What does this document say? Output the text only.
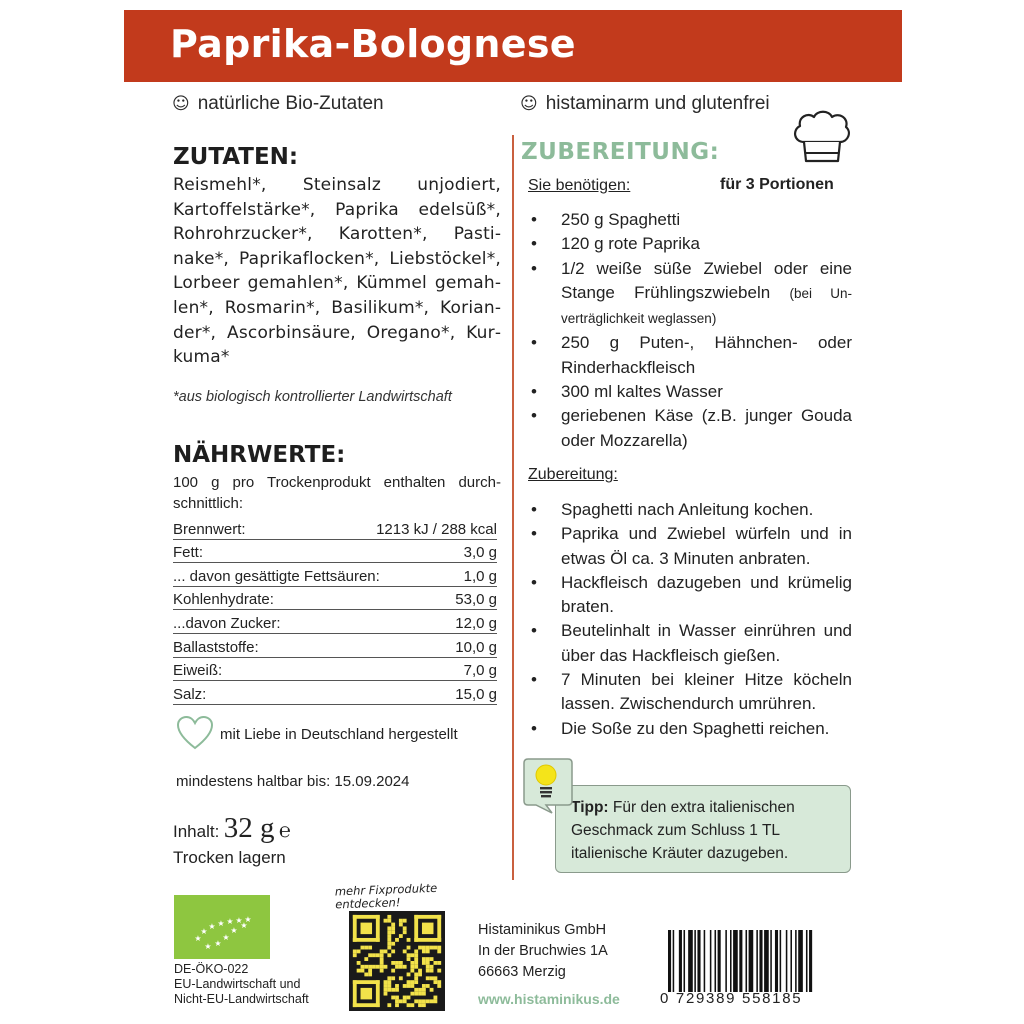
Paprika-Bolognese
☺ natürliche Bio-Zutaten	☺ histaminarm und glutenfrei
ZUTATEN:
Reismehl*, Steinsalz unjodiert, Kartoffelstärke*, Paprika edelsüß*, Rohrohrzucker*, Karotten*, Pastinake*, Paprikaflocken*, Liebstöckel*, Lorbeer gemahlen*, Kümmel gemahlen*, Rosmarin*, Basilikum*, Koriander*, Ascorbinsäure, Oregano*, Kurkuma*
*aus biologisch kontrollierter Landwirtschaft
NÄHRWERTE:
100 g pro Trockenprodukt enthalten durchschnittlich:
Brennwert:	1213 kJ / 288 kcal
Fett:	3,0 g
... davon gesättigte Fettsäuren:	1,0 g
Kohlenhydrate:	53,0 g
...davon Zucker:	12,0 g
Ballaststoffe:	10,0 g
Eiweiß:	7,0 g
Salz:	15,0 g
mit Liebe in Deutschland hergestellt
mindestens haltbar bis: 15.09.2024
Inhalt: 32 g ℮
Trocken lagern
ZUBEREITUNG:
Sie benötigen:	für 3 Portionen
• 250 g Spaghetti
• 120 g rote Paprika
• 1/2 weiße süße Zwiebel oder eine Stange Frühlingszwiebeln (bei Unverträglichkeit weglassen)
• 250 g Puten-, Hähnchen- oder Rinderhackfleisch
• 300 ml kaltes Wasser
• geriebenen Käse (z.B. junger Gouda oder Mozzarella)
Zubereitung:
• Spaghetti nach Anleitung kochen.
• Paprika und Zwiebel würfeln und in etwas Öl ca. 3 Minuten anbraten.
• Hackfleisch dazugeben und krümelig braten.
• Beutelinhalt in Wasser einrühren und über das Hackfleisch gießen.
• 7 Minuten bei kleiner Hitze köcheln lassen. Zwischendurch umrühren.
• Die Soße zu den Spaghetti reichen.
Tipp: Für den extra italienischen Geschmack zum Schluss 1 TL italienische Kräuter dazugeben.
★
★
★ ★ ★ ★ ★
★
★
★
★
★
DE-ÖKO-022
EU-Landwirtschaft und
Nicht-EU-Landwirtschaft
mehr Fixprodukte entdecken!
Histaminikus GmbH
In der Bruchwies 1A
66663 Merzig
www.histaminikus.de	0 729389 558185
